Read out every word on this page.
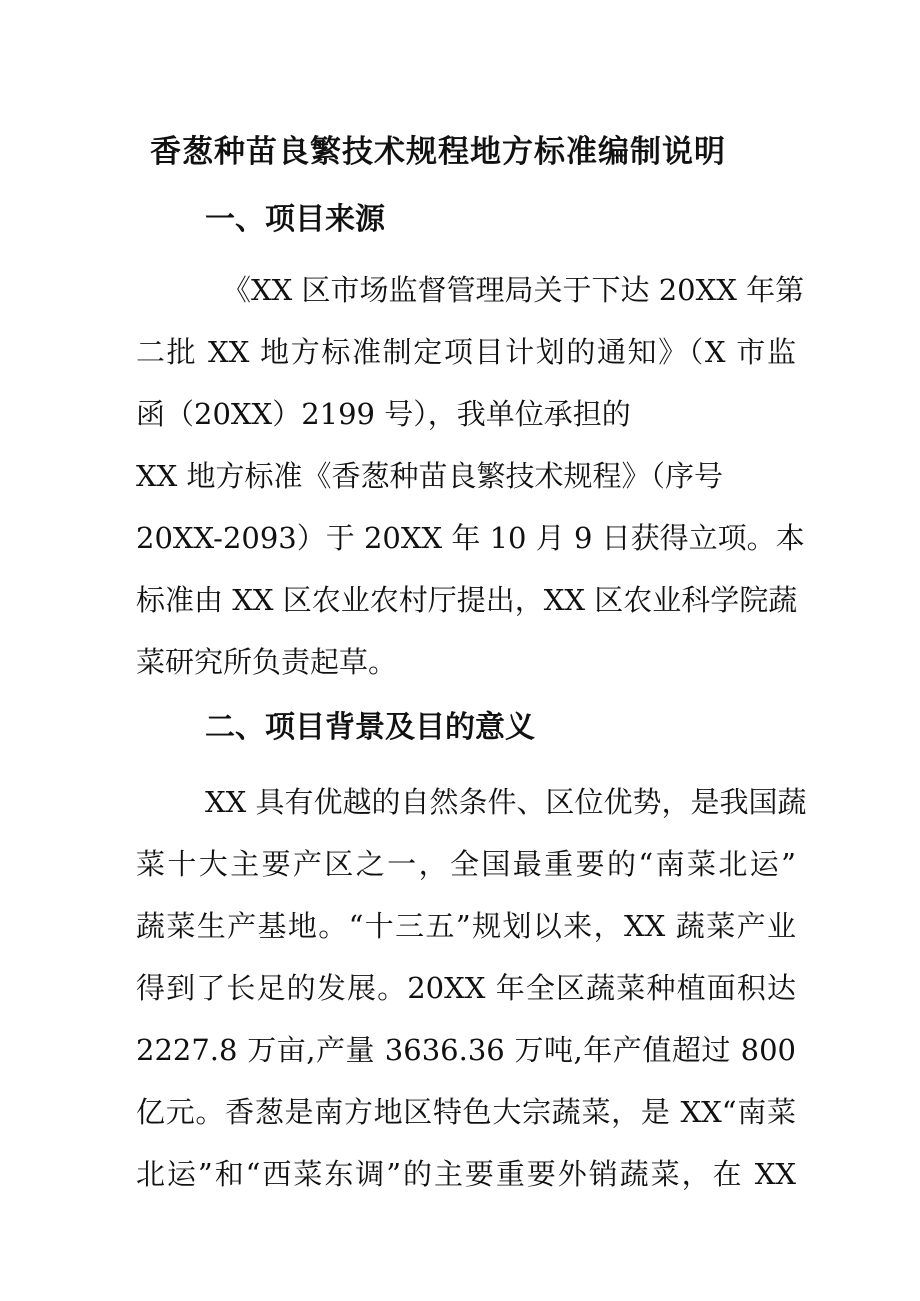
香葱种苗良繁技术规程地方标准编制说明
一、项目来源
《XX 区市场监督管理局关于下达 20XX 年第
二批 XX 地方标准制定项目计划的通知》（X 市监
函（20XX）2199 号），我单位承担的
XX 地方标准《香葱种苗良繁技术规程》（序号
20XX-2093）于 20XX 年 10 月 9 日获得立项。本
标准由 XX 区农业农村厅提出，XX 区农业科学院蔬
菜研究所负责起草。
二、项目背景及目的意义
XX 具有优越的自然条件、区位优势，是我国蔬
菜十大主要产区之一，全国最重要的“南菜北运”
蔬菜生产基地。“十三五”规划以来，XX 蔬菜产业
得到了长足的发展。20XX 年全区蔬菜种植面积达
2227.8 万亩,产量 3636.36 万吨,年产值超过 800
亿元。香葱是南方地区特色大宗蔬菜，是 XX“南菜
北运”和“西菜东调”的主要重要外销蔬菜，在 XX
